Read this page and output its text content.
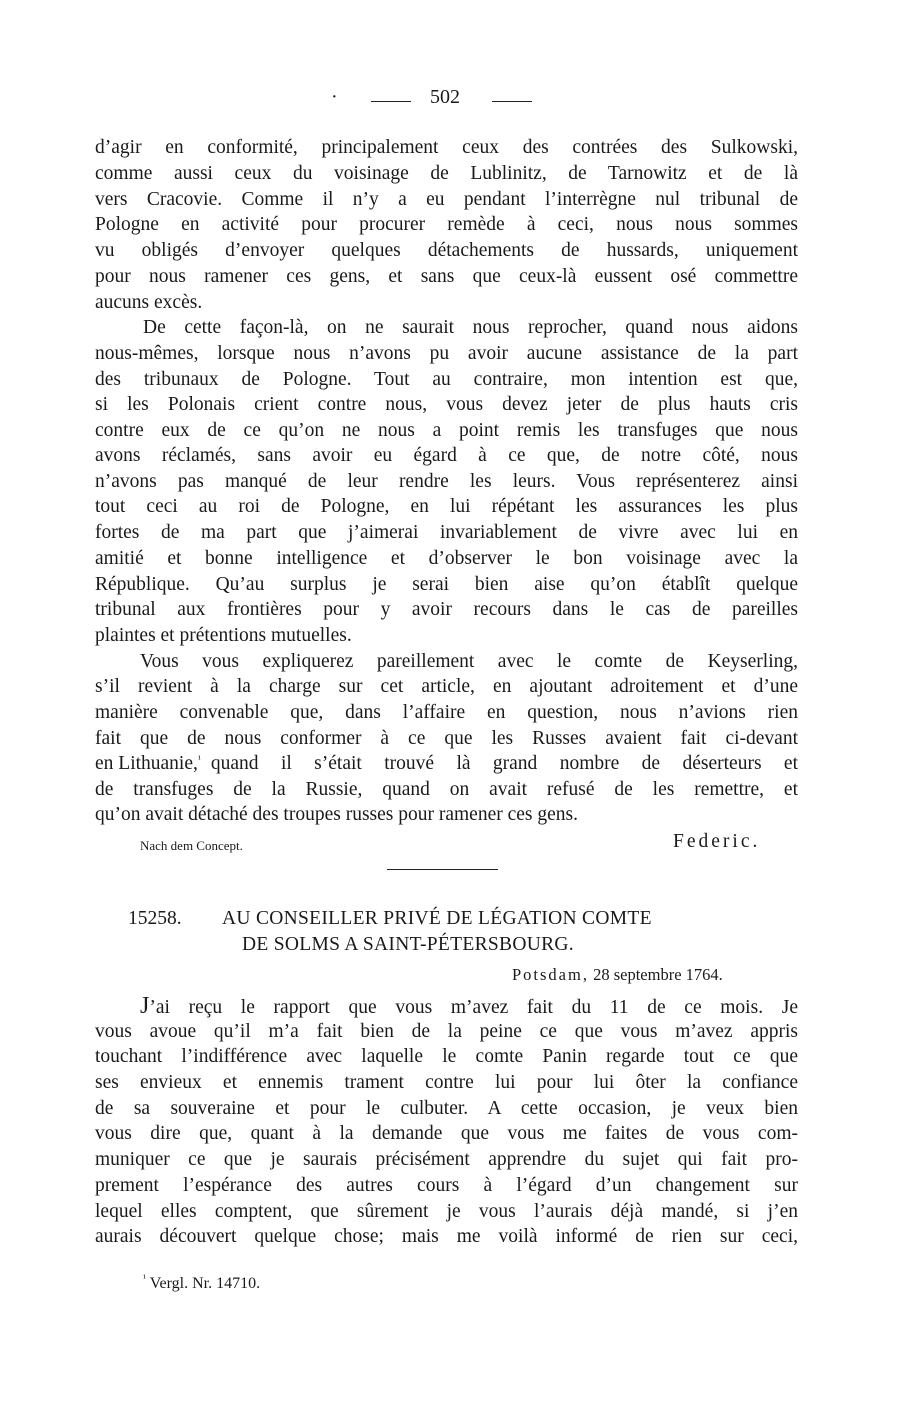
·	502
d’agir en conformité, principalement ceux des contrées des Sulkowski,
comme aussi ceux du voisinage de Lublinitz, de Tarnowitz et de là
vers Cracovie. Comme il n’y a eu pendant l’interrègne nul tribunal de
Pologne en activité pour procurer remède à ceci, nous nous sommes
vu obligés d’envoyer quelques détachements de hussards, uniquement
pour nous ramener ces gens, et sans que ceux-là eussent osé commettre
aucuns excès.
De cette façon-là, on ne saurait nous reprocher, quand nous aidons
nous-mêmes, lorsque nous n’avons pu avoir aucune assistance de la part
des tribunaux de Pologne. Tout au contraire, mon intention est que,
si les Polonais crient contre nous, vous devez jeter de plus hauts cris
contre eux de ce qu’on ne nous a point remis les transfuges que nous
avons réclamés, sans avoir eu égard à ce que, de notre côté, nous
n’avons pas manqué de leur rendre les leurs. Vous représenterez ainsi
tout ceci au roi de Pologne, en lui répétant les assurances les plus
fortes de ma part que j’aimerai invariablement de vivre avec lui en
amitié et bonne intelligence et d’observer le bon voisinage avec la
République. Qu’au surplus je serai bien aise qu’on établît quelque
tribunal aux frontières pour y avoir recours dans le cas de pareilles
plaintes et prétentions mutuelles.
Vous vous expliquerez pareillement avec le comte de Keyserling,
s’il revient à la charge sur cet article, en ajoutant adroitement et d’une
manière convenable que, dans l’affaire en question, nous n’avions rien
fait que de nous conformer à ce que les Russes avaient fait ci-devant
en Lithuanie,$^{^1}$ quand il s’était trouvé là grand nombre de déserteurs et
de transfuges de la Russie, quand on avait refusé de les remettre, et
qu’on avait détaché des troupes russes pour ramener ces gens.
Nach dem Concept.	Federic.
15258. AU CONSEILLER PRIVÉ DE LÉGATION COMTE
DE SOLMS A SAINT-PÉTERSBOURG.
Potsdam, 28 septembre 1764.
J’ai reçu le rapport que vous m’avez fait du 11 de ce mois. Je
vous avoue qu’il m’a fait bien de la peine ce que vous m’avez appris
touchant l’indifférence avec laquelle le comte Panin regarde tout ce que
ses envieux et ennemis trament contre lui pour lui ôter la confiance
de sa souveraine et pour le culbuter. A cette occasion, je veux bien
vous dire que, quant à la demande que vous me faites de vous com-
muniquer ce que je saurais précisément apprendre du sujet qui fait pro-
prement l’espérance des autres cours à l’égard d’un changement sur
lequel elles comptent, que sûrement je vous l’aurais déjà mandé, si j’en
aurais découvert quelque chose; mais me voilà informé de rien sur ceci,
$^{^1}$ Vergl. Nr. 14710.
